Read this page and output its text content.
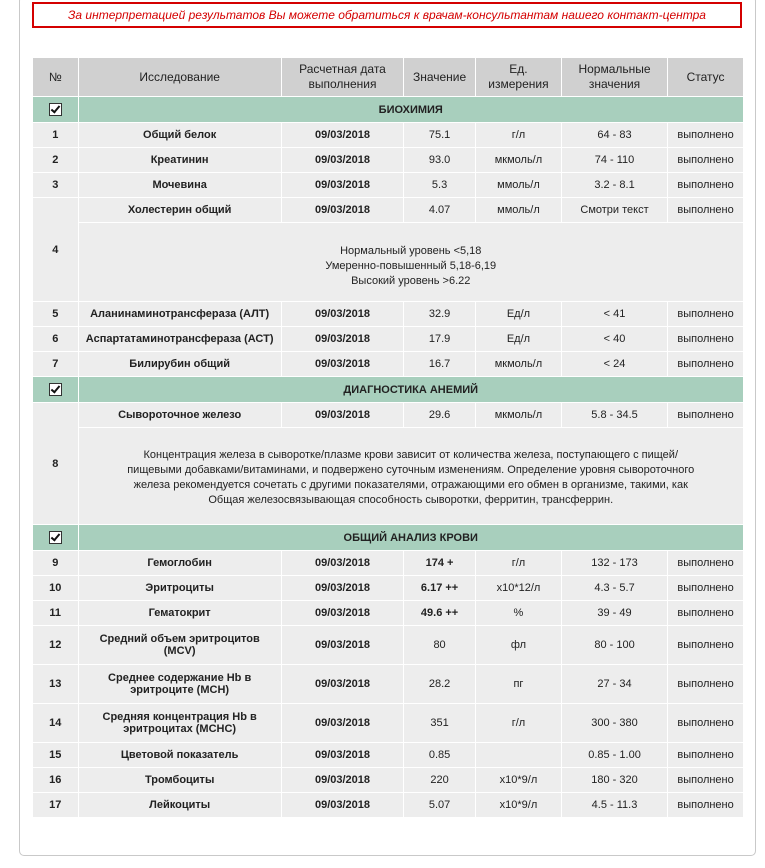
За интерпретацией результатов Вы можете обратиться к врачам-консультантам нашего контакт-центра
№	Исследование	Расчетная дата выполнения	Значение	Ед. измерения	Нормальные значения	Статус
	БИОХИМИЯ					
1	Общий белок	09/03/2018	75.1	г/л	64 - 83	выполнено
2	Креатинин	09/03/2018	93.0	мкмоль/л	74 - 110	выполнено
3	Мочевина	09/03/2018	5.3	ммоль/л	3.2 - 8.1	выполнено
4	Холестерин общий	09/03/2018	4.07	ммоль/л	Смотри текст	выполнено

	Нормальный уровень <5,18
Умеренно-повышенный 5,18-6,19
Высокий уровень >6.22					

5	Аланинаминотрансфераза (АЛТ)	09/03/2018	32.9	Ед/л	< 41	выполнено
6	Аспартатаминотрансфераза (АСТ)	09/03/2018	17.9	Ед/л	< 40	выполнено
7	Билирубин общий	09/03/2018	16.7	мкмоль/л	< 24	выполнено
	ДИАГНОСТИКА АНЕМИЙ					
8	Сывороточное железо	09/03/2018	29.6	мкмоль/л	5.8 - 34.5	выполнено
	Концентрация железа в сыворотке/плазме крови зависит от количества железа, поступающего с пищей/пищевыми добавками/витаминами, и подвержено суточным изменениям. Определение уровня сывороточного железа рекомендуется сочетать с другими показателями, отражающими его обмен в организме, такими, как Общая железосвязывающая способность сыворотки, ферритин, трансферрин.					
	ОБЩИЙ АНАЛИЗ КРОВИ					
9	Гемоглобин	09/03/2018	174 +	г/л	132 - 173	выполнено
10	Эритроциты	09/03/2018	6.17 ++	х10*12/л	4.3 - 5.7	выполнено
11	Гематокрит	09/03/2018	49.6 ++	%	39 - 49	выполнено
12	Средний объем эритроцитов (MCV)	09/03/2018	80	фл	80 - 100	выполнено
13	Среднее содержание Hb в эритроците (MCH)	09/03/2018	28.2	пг	27 - 34	выполнено
14	Средняя концентрация Hb в эритроцитах (MCHC)	09/03/2018	351	г/л	300 - 380	выполнено
15	Цветовой показатель	09/03/2018	0.85		0.85 - 1.00	выполнено
16	Тромбоциты	09/03/2018	220	х10*9/л	180 - 320	выполнено
17	Лейкоциты	09/03/2018	5.07	х10*9/л	4.5 - 11.3	выполнено
